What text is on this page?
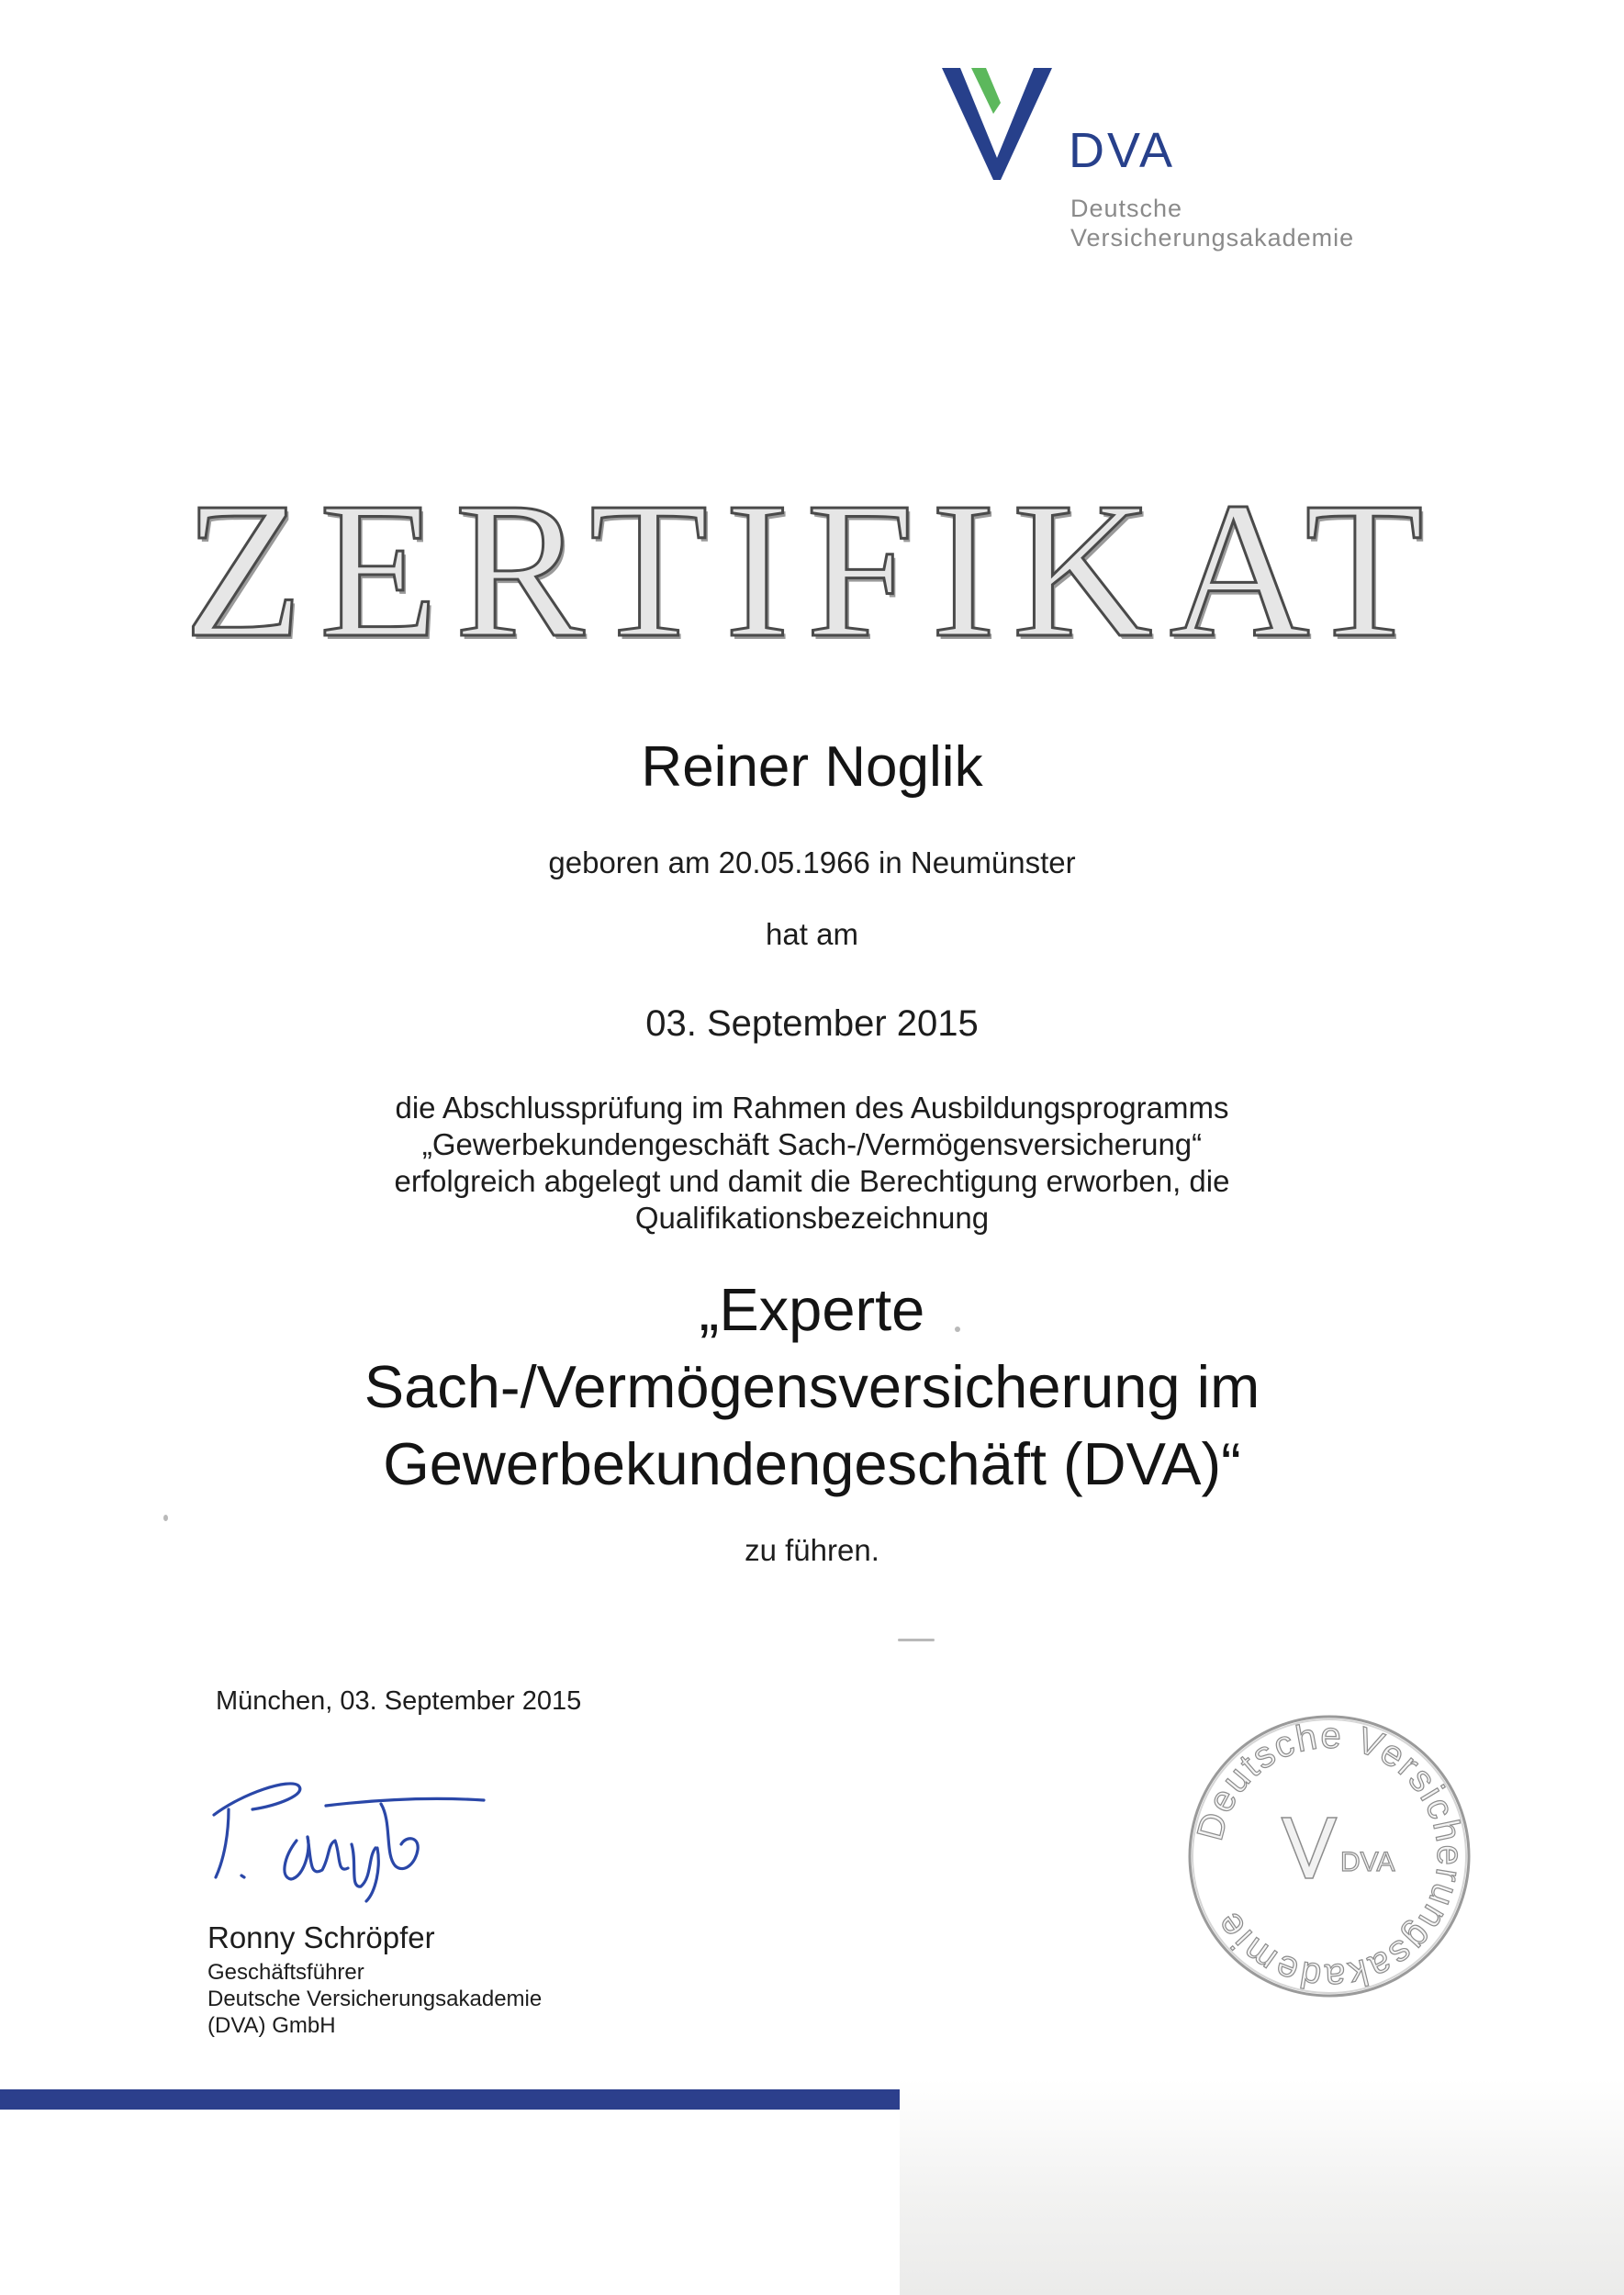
DVA
Deutsche
Versicherungsakademie
ZERTIFIKAT
Reiner Noglik
geboren am 20.05.1966 in Neumünster
hat am
03. September 2015
die Abschlussprüfung im Rahmen des Ausbildungsprogramms
„Gewerbekundengeschäft Sach-/Vermögensversicherung“
erfolgreich abgelegt und damit die Berechtigung erworben, die
Qualifikationsbezeichnung
„Experte
Sach-/Vermögensversicherung im
Gewerbekundengeschäft (DVA)“
zu führen.
München, 03. September 2015
Ronny Schröpfer
Geschäftsführer
Deutsche Versicherungsakademie
(DVA) GmbH
Deutsche Versicherungsakademie
DVA
